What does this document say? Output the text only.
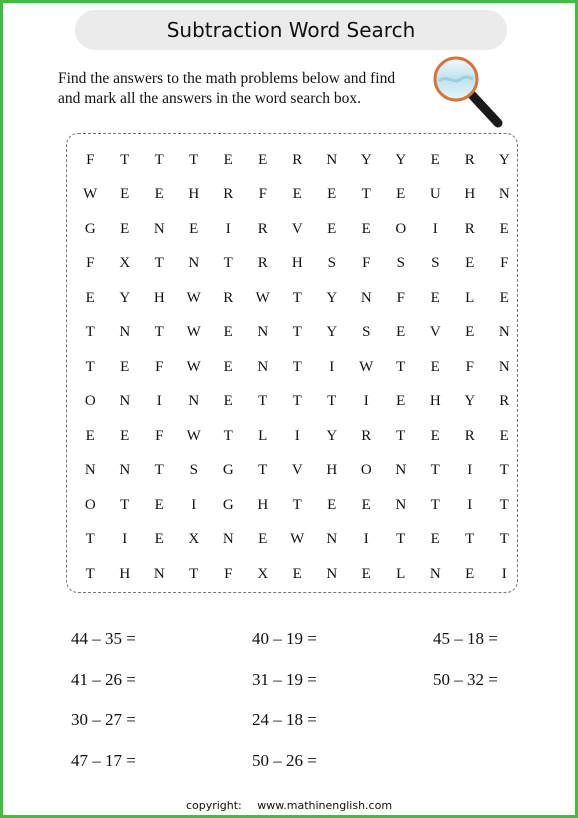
Subtraction Word Search
Find the answers to the math problems below and find
and mark all the answers in the word search box.
F	T	T	T	E	E	R	N	Y	Y	E	R	Y
W	E	E	H	R	F	E	E	T	E	U	H	N
G	E	N	E	I	R	V	E	E	O	I	R	E
F	X	T	N	T	R	H	S	F	S	S	E	F
E	Y	H	W	R	W	T	Y	N	F	E	L	E
T	N	T	W	E	N	T	Y	S	E	V	E	N
T	E	F	W	E	N	T	I	W	T	E	F	N
O	N	I	N	E	T	T	T	I	E	H	Y	R
E	E	F	W	T	L	I	Y	R	T	E	R	E
N	N	T	S	G	T	V	H	O	N	T	I	T
O	T	E	I	G	H	T	E	E	N	T	I	T
T	I	E	X	N	E	W	N	I	T	E	T	T
T	H	N	T	F	X	E	N	E	L	N	E	I
44 – 35 =
41 – 26 =
30 – 27 =
47 – 17 =
40 – 19 =
31 – 19 =
24 – 18 =
50 – 26 =
45 – 18 =
50 – 32 =
copyright: www.mathinenglish.com
